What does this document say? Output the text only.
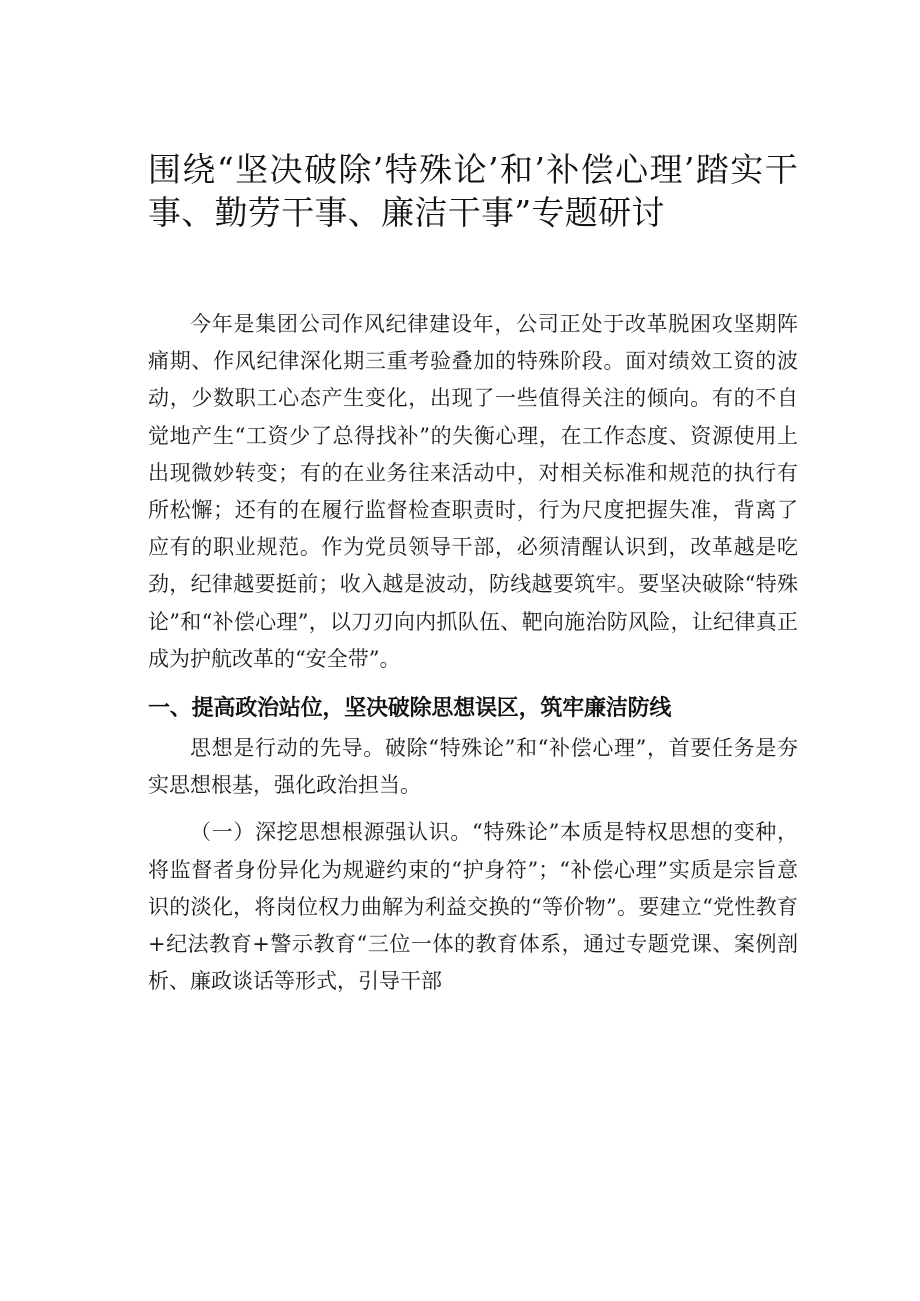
围绕“坚决破除’特殊论’和’补偿心理’踏实干事、勤劳干事、廉洁干事”专题研讨

今年是集团公司作风纪律建设年，公司正处于改革脱困攻坚期阵痛期、作风纪律深化期三重考验叠加的特殊阶段。面对绩效工资的波动，少数职工心态产生变化，出现了一些值得关注的倾向。有的不自觉地产生“工资少了总得找补”的失衡心理，在工作态度、资源使用上出现微妙转变；有的在业务往来活动中，对相关标准和规范的执行有所松懈；还有的在履行监督检查职责时，行为尺度把握失准，背离了应有的职业规范。作为党员领导干部，必须清醒认识到，改革越是吃劲，纪律越要挺前；收入越是波动，防线越要筑牢。要坚决破除“特殊论”和“补偿心理”，以刀刃向内抓队伍、靶向施治防风险，让纪律真正成为护航改革的“安全带”。

一、提高政治站位，坚决破除思想误区，筑牢廉洁防线

思想是行动的先导。破除“特殊论”和“补偿心理”，首要任务是夯实思想根基，强化政治担当。

（一）深挖思想根源强认识。“特殊论”本质是特权思想的变种，将监督者身份异化为规避约束的“护身符”；“补偿心理”实质是宗旨意识的淡化，将岗位权力曲解为利益交换的“等价物”。要建立“党性教育+纪法教育+警示教育“三位一体的教育体系，通过专题党课、案例剖析、廉政谈话等形式，引导干部
